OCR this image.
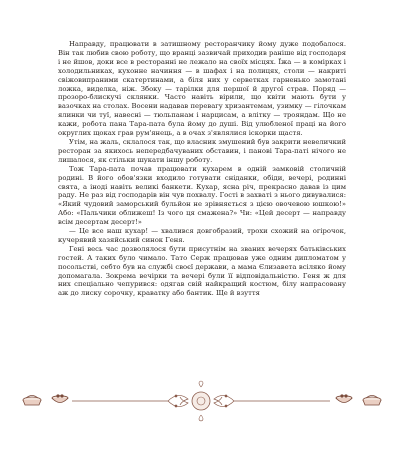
Направду, працювати в затишному ресторанчику йому дуже подобалося. Він так любив свою роботу, що вранці зазвичай приходив раніше від господаря і не йшов, доки все в ресторанні не лежало на своїх місцях. Їжа — в комірках і холодильниках, кухонне начиння — в шафах і на полицях, столи — накриті свіжовипраними скатертинами, а біля них у серветках гарненько замотані ложка, виделка, ніж. Збоку — тарілки для першої й другої страв. Поряд — прозоро-блискучі склянки. Часто навіть вірили, що квіти мають бути у вазочках на столах. Восени надавав перевагу хризантемам, узимку — гілочкам ялинки чи туї, навесні — тюльпанам і нарцисам, а влітку — трояндам. Що не кажи, робота пана Тара-пата була йому до душі. Від улюбленої праці на його округлих щоках грав рум'янець, а в очах з'являлися іскорки щастя.

Утім, на жаль, склалося так, що власник змушений був закрити невеличкий ресторан за якихось непередбачуваних обставин, і панові Тара-паті нічого не лишалося, як стільки шукати іншу роботу.

Тож Тара-пата почав працювати кухарем в одній замковій столичній родині. В його обов'язки входило готувати сніданки, обіди, вечері, родинні свята, а іноді навіть великі банкети. Кухар, ясна річ, прекрасно давав із цим раду. Не раз від господарів він чув похвалу. Гості в захваті з нього дивувалися: «Який чудовий заморський бульйон не зрівняється з цією овочевою юшкою!» Або: «Пальчики оближеш! Із чого ця смажена?» Чи: «Цей десерт — направду всім десертам десерт!»

— Це все наш кухар! — хвалився довгобразий, трохи схожий на огірочок, кучерявий хазяйський синок Геня.

Гені весь час дозволялося бути присутнім на званих вечерях батьківських гостей. А таких було чимало. Тато Серж працював уже одним дипломатом у посольстві, себто був на службі своєї держави, а мама Єлизавета всіляко йому допомагала. Зокрема вечірки та вечері були її відповідальністю. Геня ж для них спеціально чепурився: одягав свій найкращий костюм, білу напрасовану аж до лиску сорочку, краватку або бантик. Ще й взуття
